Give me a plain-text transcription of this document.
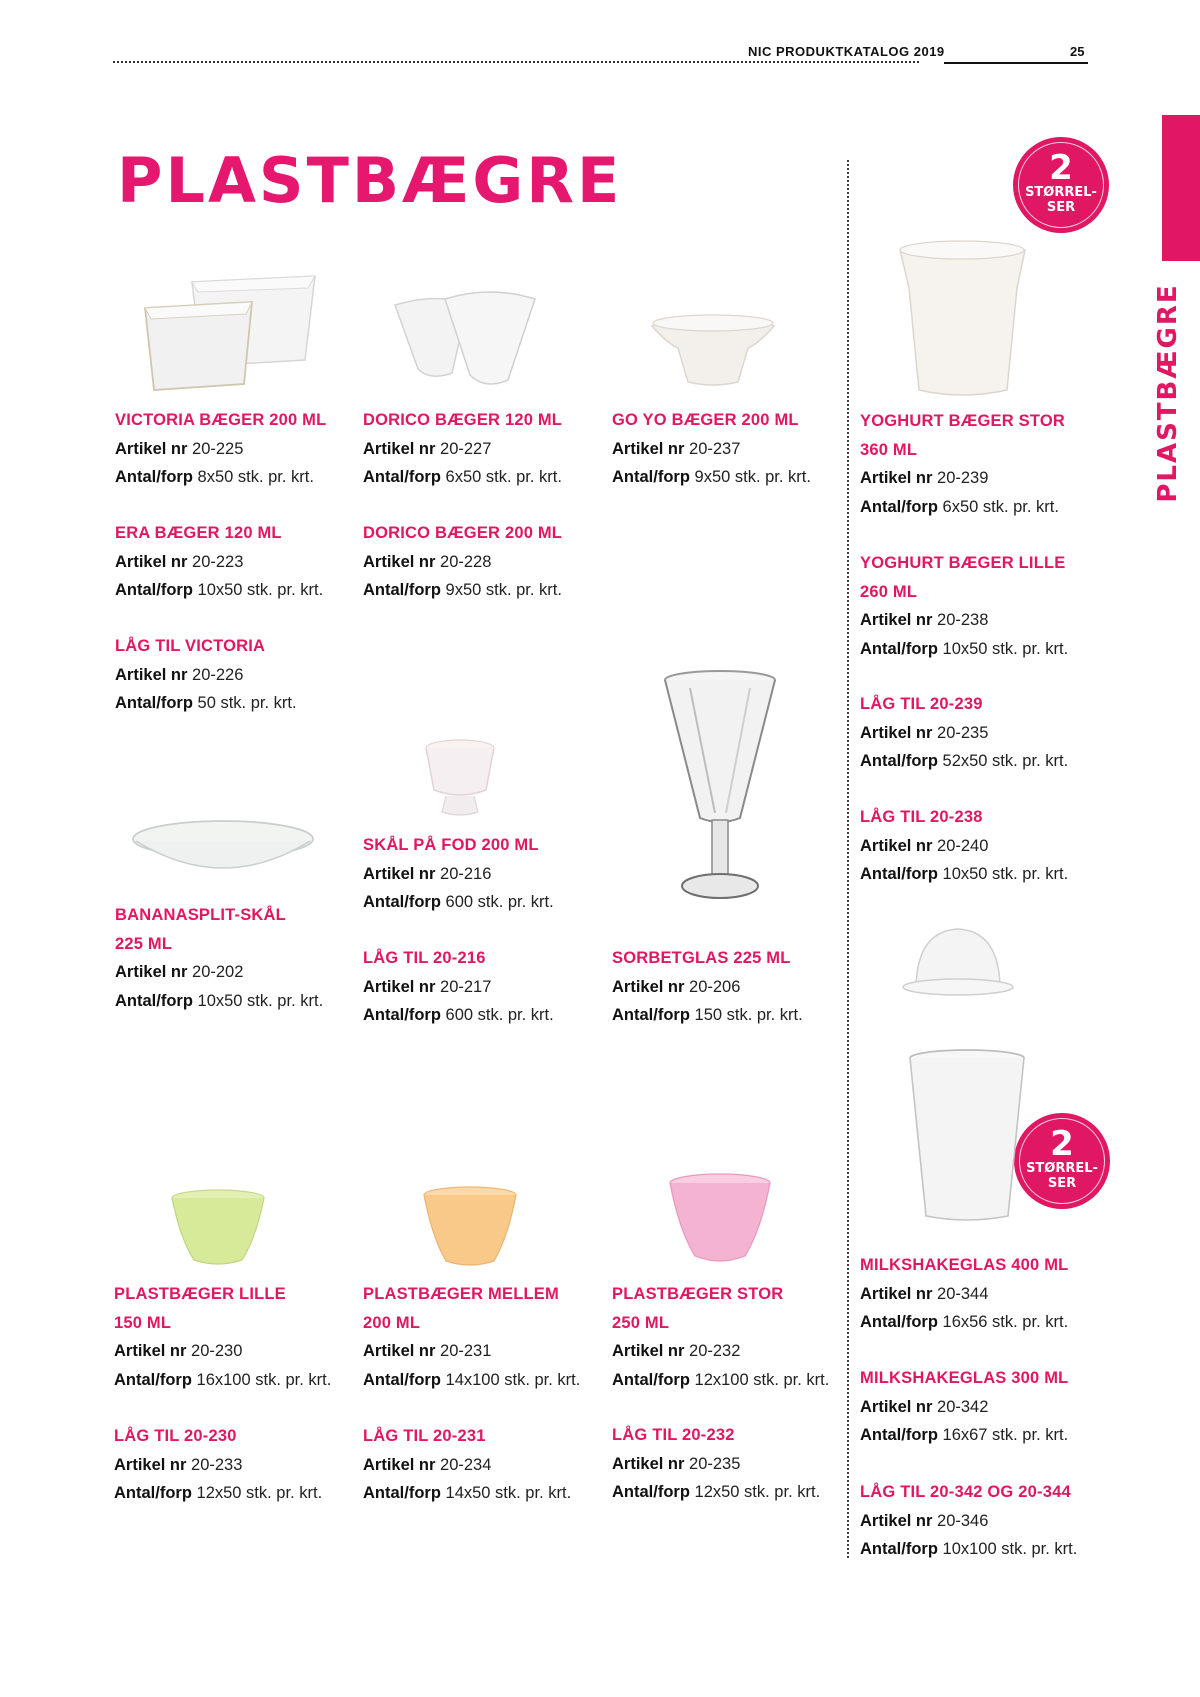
NIC PRODUKTKATALOG 2019	25
PLASTBÆGRE
PLASTBÆGRE
2
STØRREL-
SER
2
STØRREL-
SER
VICTORIA BÆGER 200 ML
Artikel nr 20-225
Antal/forp 8x50 stk. pr. krt.
ERA BÆGER 120 ML
Artikel nr 20-223
Antal/forp 10x50 stk. pr. krt.
LÅG TIL VICTORIA
Artikel nr 20-226
Antal/forp 50 stk. pr. krt.
DORICO BÆGER 120 ML
Artikel nr 20-227
Antal/forp 6x50 stk. pr. krt.
DORICO BÆGER 200 ML
Artikel nr 20-228
Antal/forp 9x50 stk. pr. krt.
GO YO BÆGER 200 ML
Artikel nr 20-237
Antal/forp 9x50 stk. pr. krt.
YOGHURT BÆGER STOR
360 ML
Artikel nr 20-239
Antal/forp 6x50 stk. pr. krt.
YOGHURT BÆGER LILLE
260 ML
Artikel nr 20-238
Antal/forp 10x50 stk. pr. krt.
LÅG TIL 20-239
Artikel nr 20-235
Antal/forp 52x50 stk. pr. krt.
LÅG TIL 20-238
Artikel nr 20-240
Antal/forp 10x50 stk. pr. krt.
BANANASPLIT-SKÅL
225 ML
Artikel nr 20-202
Antal/forp 10x50 stk. pr. krt.
SKÅL PÅ FOD 200 ML
Artikel nr 20-216
Antal/forp 600 stk. pr. krt.
LÅG TIL 20-216
Artikel nr 20-217
Antal/forp 600 stk. pr. krt.
SORBETGLAS 225 ML
Artikel nr 20-206
Antal/forp 150 stk. pr. krt.
MILKSHAKEGLAS 400 ML
Artikel nr 20-344
Antal/forp 16x56 stk. pr. krt.
MILKSHAKEGLAS 300 ML
Artikel nr 20-342
Antal/forp 16x67 stk. pr. krt.
LÅG TIL 20-342 OG 20-344
Artikel nr 20-346
Antal/forp 10x100 stk. pr. krt.
PLASTBÆGER LILLE
150 ML
Artikel nr 20-230
Antal/forp 16x100 stk. pr. krt.
LÅG TIL 20-230
Artikel nr 20-233
Antal/forp 12x50 stk. pr. krt.
PLASTBÆGER MELLEM
200 ML
Artikel nr 20-231
Antal/forp 14x100 stk. pr. krt.
LÅG TIL 20-231
Artikel nr 20-234
Antal/forp 14x50 stk. pr. krt.
PLASTBÆGER STOR
250 ML
Artikel nr 20-232
Antal/forp 12x100 stk. pr. krt.
LÅG TIL 20-232
Artikel nr 20-235
Antal/forp 12x50 stk. pr. krt.
